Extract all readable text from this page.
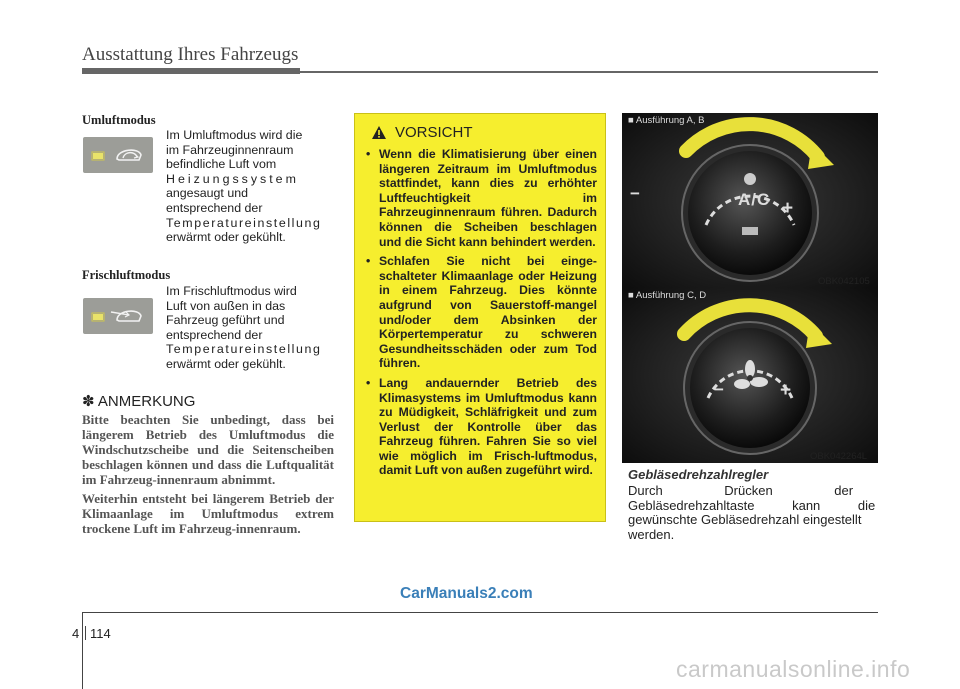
Ausstattung Ihres Fahrzeugs
Umluftmodus
Im Umluftmodus wird die
im Fahrzeuginnenraum
befindliche Luft vom
Heizungssystem
angesaugt und
entsprechend der
Temperatureinstellung
erwärmt oder gekühlt.
Frischluftmodus
Im Frischluftmodus wird
Luft von außen in das
Fahrzeug geführt und
entsprechend der
Temperatureinstellung
erwärmt oder gekühlt.
✽ ANMERKUNG
Bitte beachten Sie unbedingt, dass bei längerem Betrieb des Umluftmodus die Windschutzscheibe und die Seitenscheiben beschlagen können und dass die Luftqualität im Fahrzeug-innenraum abnimmt.
Weiterhin entsteht bei längerem Betrieb der Klimaanlage im Umluftmodus extrem trockene Luft im Fahrzeug-innenraum.
VORSICHT
• Wenn die Klimatisierung über einen längeren Zeitraum im Umluftmodus stattfindet, kann dies zu erhöhter Luftfeuchtigkeit im Fahrzeuginnenraum führen. Dadurch können die Scheiben beschlagen und die Sicht kann behindert werden.
• Schlafen Sie nicht bei einge-schalteter Klimaanlage oder Heizung in einem Fahrzeug. Dies könnte aufgrund von Sauerstoff-mangel und/oder dem Absinken der Körpertemperatur zu schweren Gesundheitsschäden oder zum Tod führen.
• Lang andauernder Betrieb des Klimasystems im Umluftmodus kann zu Müdigkeit, Schläfrigkeit und zum Verlust der Kontrolle über das Fahrzeug führen. Fahren Sie so viel wie möglich im Frisch-luftmodus, damit Luft von außen zugeführt wird.
−	A/C +
■ Ausführung A, B
OBK042105
−	+
■ Ausführung C, D
OBK042264L
Gebläsedrehzahlregler
Durch Drücken der
Gebläsedrehzahltaste kann die
gewünschte Gebläsedrehzahl eingestellt
werden.
CarManuals2.com
4 114
carmanualsonline.info
